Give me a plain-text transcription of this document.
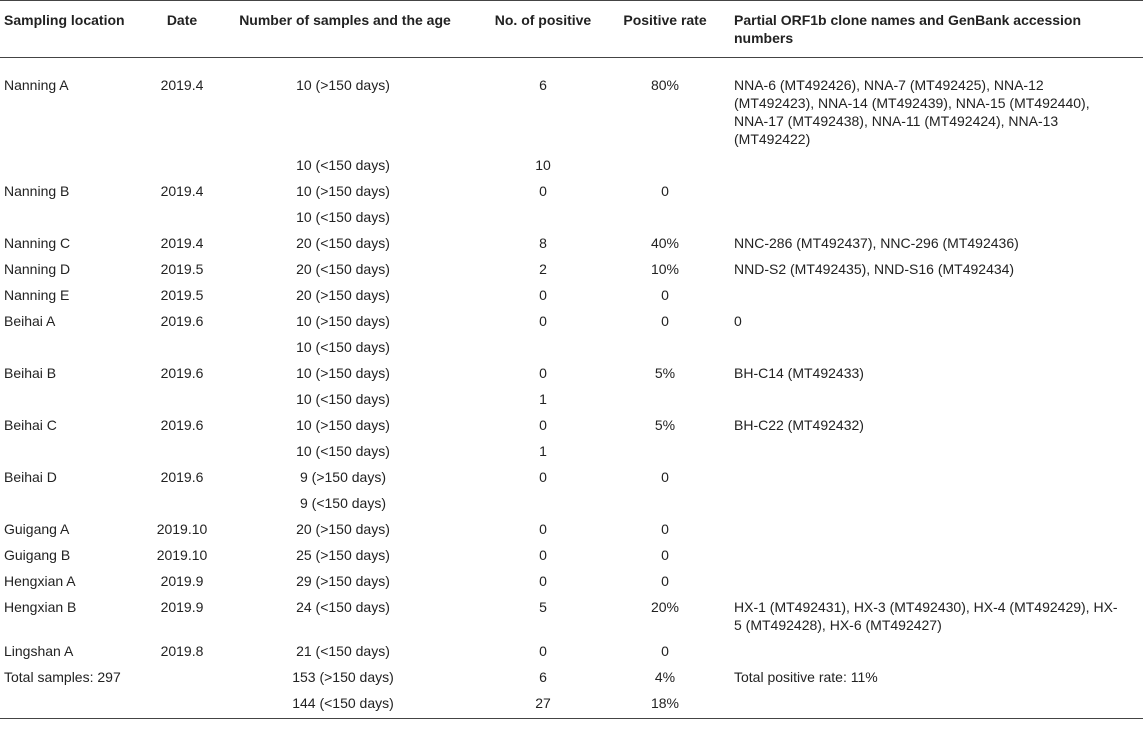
Sampling location	Date	Number of samples and the age	No. of positive	Positive rate	Partial ORF1b clone names and GenBank accession numbers
Nanning A	2019.4	10 (>150 days)	6	80%	NNA-6 (MT492426), NNA-7 (MT492425), NNA-12 (MT492423), NNA-14 (MT492439), NNA-15 (MT492440), NNA-17 (MT492438), NNA-11 (MT492424), NNA-13 (MT492422)
		10 (<150 days)	10		
Nanning B	2019.4	10 (>150 days)	0	0	
		10 (<150 days)			
Nanning C	2019.4	20 (<150 days)	8	40%	NNC-286 (MT492437), NNC-296 (MT492436)
Nanning D	2019.5	20 (<150 days)	2	10%	NND-S2 (MT492435), NND-S16 (MT492434)
Nanning E	2019.5	20 (>150 days)	0	0	
Beihai A	2019.6	10 (>150 days)	0	0	0
		10 (<150 days)			
Beihai B	2019.6	10 (>150 days)	0	5%	BH-C14 (MT492433)
		10 (<150 days)	1		
Beihai C	2019.6	10 (>150 days)	0	5%	BH-C22 (MT492432)
		10 (<150 days)	1		
Beihai D	2019.6	9 (>150 days)	0	0	
		9 (<150 days)			
Guigang A	2019.10	20 (>150 days)	0	0	
Guigang B	2019.10	25 (>150 days)	0	0	
Hengxian A	2019.9	29 (>150 days)	0	0	
Hengxian B	2019.9	24 (<150 days)	5	20%	HX-1 (MT492431), HX-3 (MT492430), HX-4 (MT492429), HX-5 (MT492428), HX-6 (MT492427)
Lingshan A	2019.8	21 (<150 days)	0	0	
Total samples: 297		153 (>150 days)	6	4%	Total positive rate: 11%
		144 (<150 days)	27	18%	
